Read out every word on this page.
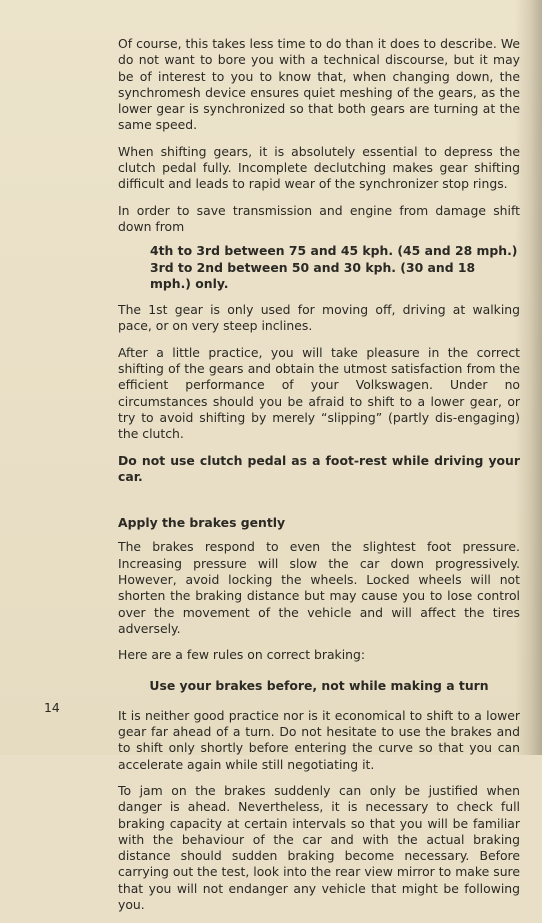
Of course, this takes less time to do than it does to describe. We do not want to bore you with a technical discourse, but it may be of interest to you to know that, when changing down, the synchromesh device ensures quiet meshing of the gears, as the lower gear is synchronized so that both gears are turning at the same speed.

When shifting gears, it is absolutely essential to depress the clutch pedal fully. Incomplete declutching makes gear shifting difficult and leads to rapid wear of the synchronizer stop rings.

In order to save transmission and engine from damage shift down from

4th to 3rd between 75 and 45 kph. (45 and 28 mph.)
3rd to 2nd between 50 and 30 kph. (30 and 18 mph.) only.

The 1st gear is only used for moving off, driving at walking pace, or on very steep inclines.

After a little practice, you will take pleasure in the correct shifting of the gears and obtain the utmost satisfaction from the efficient performance of your Volkswagen. Under no circumstances should you be afraid to shift to a lower gear, or try to avoid shifting by merely “slipping” (partly dis-engaging) the clutch.

Do not use clutch pedal as a foot-rest while driving your car.

Apply the brakes gently

The brakes respond to even the slightest foot pressure. Increasing pressure will slow the car down progressively. However, avoid locking the wheels. Locked wheels will not shorten the braking distance but may cause you to lose control over the movement of the vehicle and will affect the tires adversely.

Here are a few rules on correct braking:

Use your brakes before, not while making a turn

It is neither good practice nor is it economical to shift to a lower gear far ahead of a turn. Do not hesitate to use the brakes and to shift only shortly before entering the curve so that you can accelerate again while still negotiating it.

To jam on the brakes suddenly can only be justified when danger is ahead. Nevertheless, it is necessary to check full braking capacity at certain intervals so that you will be familiar with the behaviour of the car and with the actual braking distance should sudden braking become necessary. Before carrying out the test, look into the rear view mirror to make sure that you will not endanger any vehicle that might be following you.

14
